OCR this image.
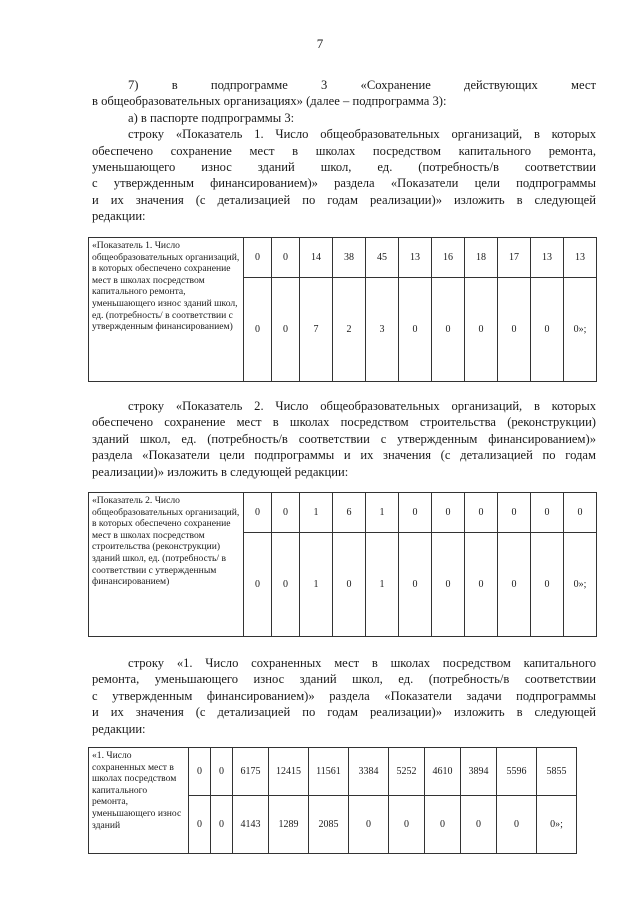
7
7) в подпрограмме 3 «Сохранение действующих мест
в общеобразовательных организациях» (далее – подпрограмма 3):
а) в паспорте подпрограммы 3:
строку «Показатель 1. Число общеобразовательных организаций, в которых
обеспечено сохранение мест в школах посредством капитального ремонта,
уменьшающего износ зданий школ, ед. (потребность/в соответствии
с утвержденным финансированием)» раздела «Показатели цели подпрограммы
и их значения (с детализацией по годам реализации)» изложить в следующей
редакции:
«Показатель 1. Число общеобразовательных организаций, в которых обеспечено сохранение мест в школах посредством капитального ремонта, уменьшающего износ зданий школ, ед. (потребность/ в соответствии с утвержденным финансированием)	0	0	14	38	45	13	16	18	17	13	13
	0	0	7	2	3	0	0	0	0	0	0»;
строку «Показатель 2. Число общеобразовательных организаций, в которых
обеспечено сохранение мест в школах посредством строительства (реконструкции)
зданий школ, ед. (потребность/в соответствии с утвержденным финансированием)»
раздела «Показатели цели подпрограммы и их значения (с детализацией по годам
реализации)» изложить в следующей редакции:
«Показатель 2. Число общеобразовательных организаций, в которых обеспечено сохранение мест в школах посредством строительства (реконструкции) зданий школ, ед. (потребность/ в соответствии с утвержденным финансированием)	0	0	1	6	1	0	0	0	0	0	0
	0	0	1	0	1	0	0	0	0	0	0»;
строку «1. Число сохраненных мест в школах посредством капитального
ремонта, уменьшающего износ зданий школ, ед. (потребность/в соответствии
с утвержденным финансированием)» раздела «Показатели задачи подпрограммы
и их значения (с детализацией по годам реализации)» изложить в следующей
редакции:
«1. Число сохраненных мест в школах посредством капитального ремонта, уменьшающего износ зданий	0	0	6175	12415	11561	3384	5252	4610	3894	5596	5855
	0	0	4143	1289	2085	0	0	0	0	0	0»;
